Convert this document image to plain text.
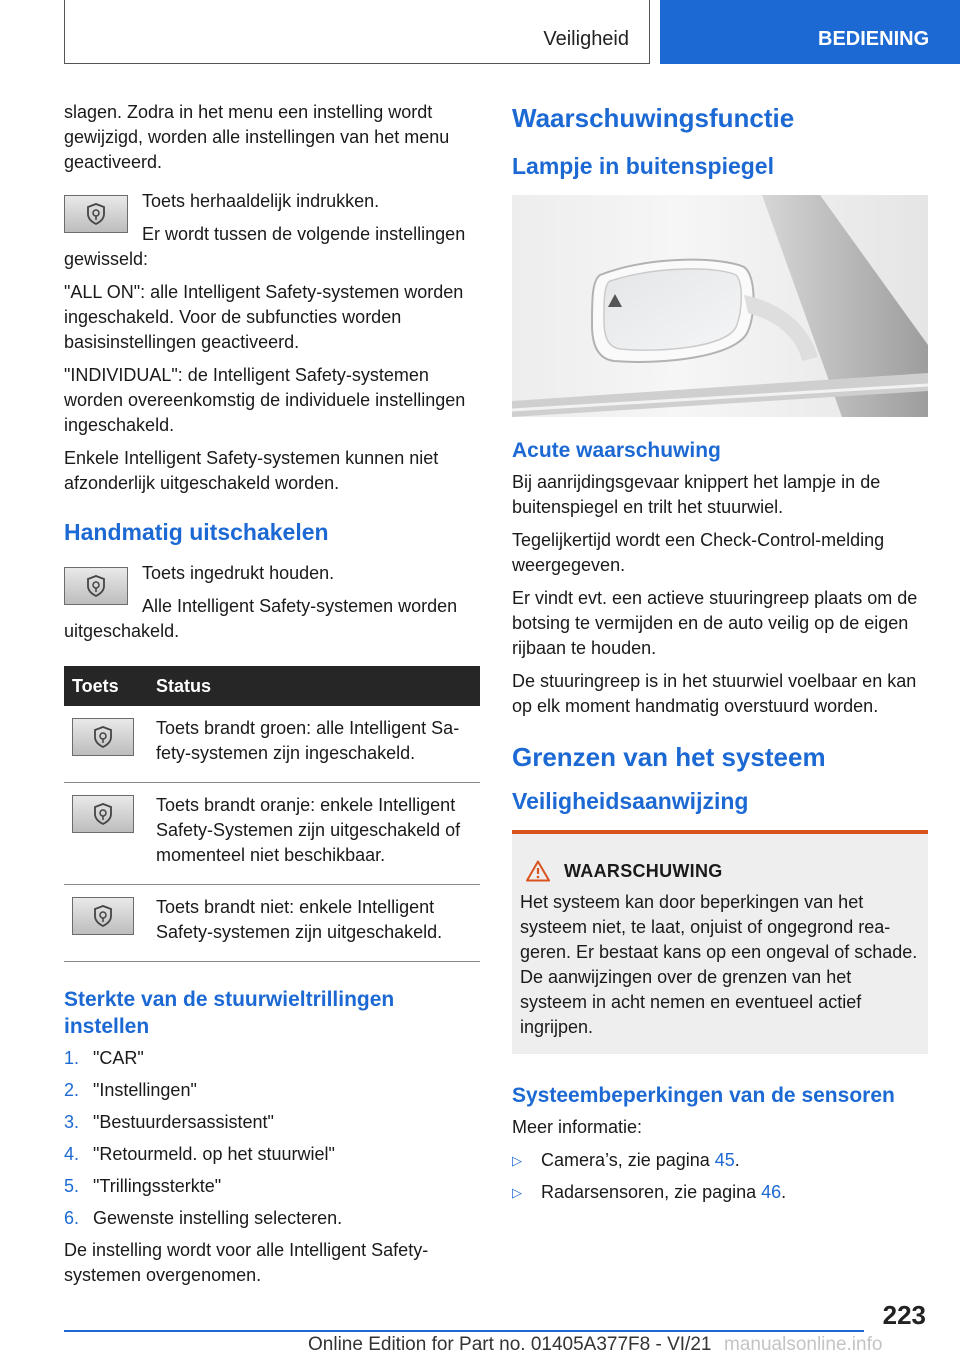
Veiligheid	BEDIENING

slagen. Zodra in het menu een instelling wordt gewijzigd, worden alle instellingen van het menu geactiveerd.

Toets herhaaldelijk indrukken.

Er wordt tussen de volgende instellingen gewisseld:

"ALL ON": alle Intelligent Safety-systemen worden ingeschakeld. Voor de subfuncties worden basisinstellingen geactiveerd.

"INDIVIDUAL": de Intelligent Safety-systemen worden overeenkomstig de individuele instellingen ingeschakeld.

Enkele Intelligent Safety-systemen kunnen niet afzonderlijk uitgeschakeld worden.

Handmatig uitschakelen

Toets ingedrukt houden.

Alle Intelligent Safety-systemen worden uitgeschakeld.

Toets	Status

	Toets brandt groen: alle Intelligent Safety-systemen zijn ingeschakeld.

	Toets brandt oranje: enkele Intelligent Safety-Systemen zijn uitgeschakeld of momenteel niet beschikbaar.

	Toets brandt niet: enkele Intelligent Safety-systemen zijn uitgeschakeld.
Sterkte van de stuurwieltrillingen instellen
1. "CAR"
2. "Instellingen"
3. "Bestuurdersassistent"
4. "Retourmeld. op het stuurwiel"
5. "Trillingssterkte"
6. Gewenste instelling selecteren.

De instelling wordt voor alle Intelligent Safety-systemen overgenomen.

Waarschuwingsfunctie
Lampje in buitenspiegel
Acute waarschuwing

Bij aanrijdingsgevaar knippert het lampje in de buitenspiegel en trilt het stuurwiel.

Tegelijkertijd wordt een Check-Control-melding weergegeven.

Er vindt evt. een actieve stuuringreep plaats om de botsing te vermijden en de auto veilig op de eigen rijbaan te houden.

De stuuringreep is in het stuurwiel voelbaar en kan op elk moment handmatig overstuurd worden.

Grenzen van het systeem
Veiligheidsaanwijzing
WAARSCHUWING

Het systeem kan door beperkingen van het systeem niet, te laat, onjuist of ongegrond reageren. Er bestaat kans op een ongeval of schade. De aanwijzingen over de grenzen van het systeem in acht nemen en eventueel actief ingrijpen.

Systeembeperkingen van de sensoren

Meer informatie:

▷ Camera’s, zie pagina 45.
▷ Radarsensoren, zie pagina 46.
223
Online Edition for Part no. 01405A377F8 - VI/21 manualsonline.info
